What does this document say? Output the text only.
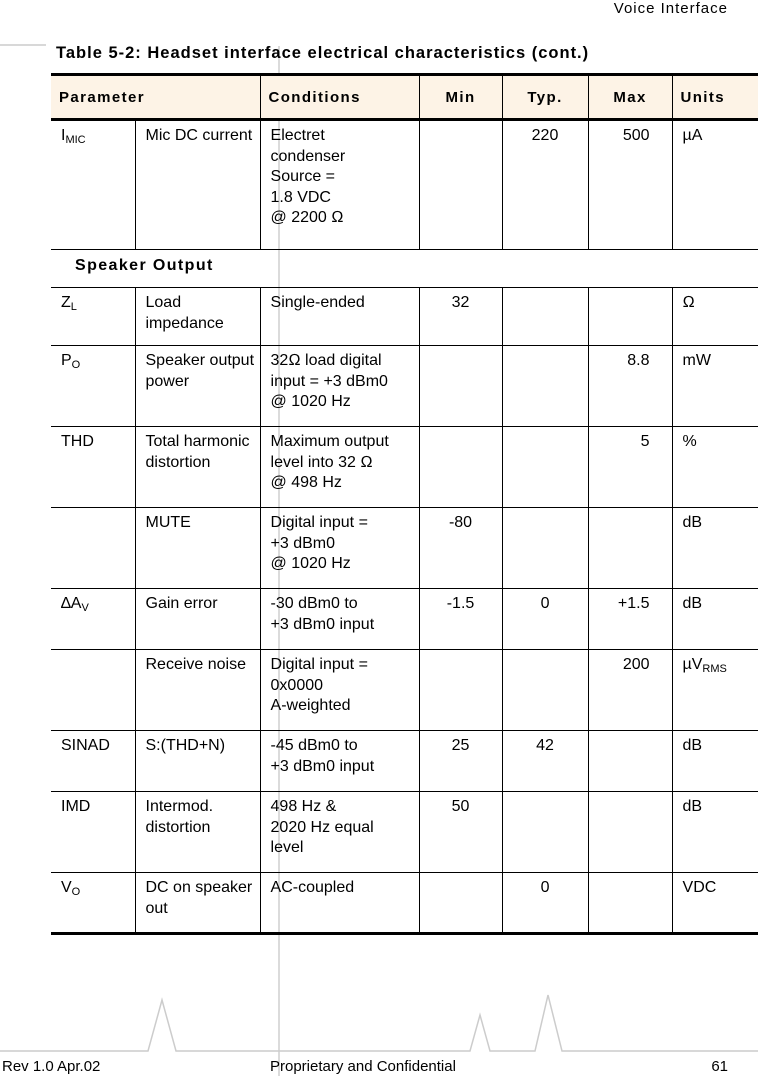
Voice Interface
Table 5-2: Headset interface electrical characteristics (cont.)
Parameter		Conditions	Min	Typ.	Max	Units
$I_{MIC}$	Mic DC current	Electret
condenser
Source =
1.8 VDC
@ 2200 Ω		220	500	µA
Speaker Output						
$Z_L$	Load impedance	Single-ended	32			Ω
$P_O$	Speaker output power	32Ω load digital
input = +3 dBm0
@ 1020 Hz			8.8	mW
THD	Total harmonic distortion	Maximum output
level into 32 Ω
@ 498 Hz			5	%
	MUTE	Digital input =
+3 dBm0
@ 1020 Hz	-80			dB
$\Delta A_V$	Gain error	-30 dBm0 to
+3 dBm0 input	-1.5	0	+1.5	dB
	Receive noise	Digital input =
0x0000
A-weighted			200	µV$_{RMS}$
SINAD	S:(THD+N)	-45 dBm0 to
+3 dBm0 input	25	42		dB
IMD	Intermod. distortion	498 Hz &
2020 Hz equal
level	50			dB
$V_O$	DC on speaker out	AC-coupled		0		VDC
Rev 1.0 Apr.02	Proprietary and Confidential	61
